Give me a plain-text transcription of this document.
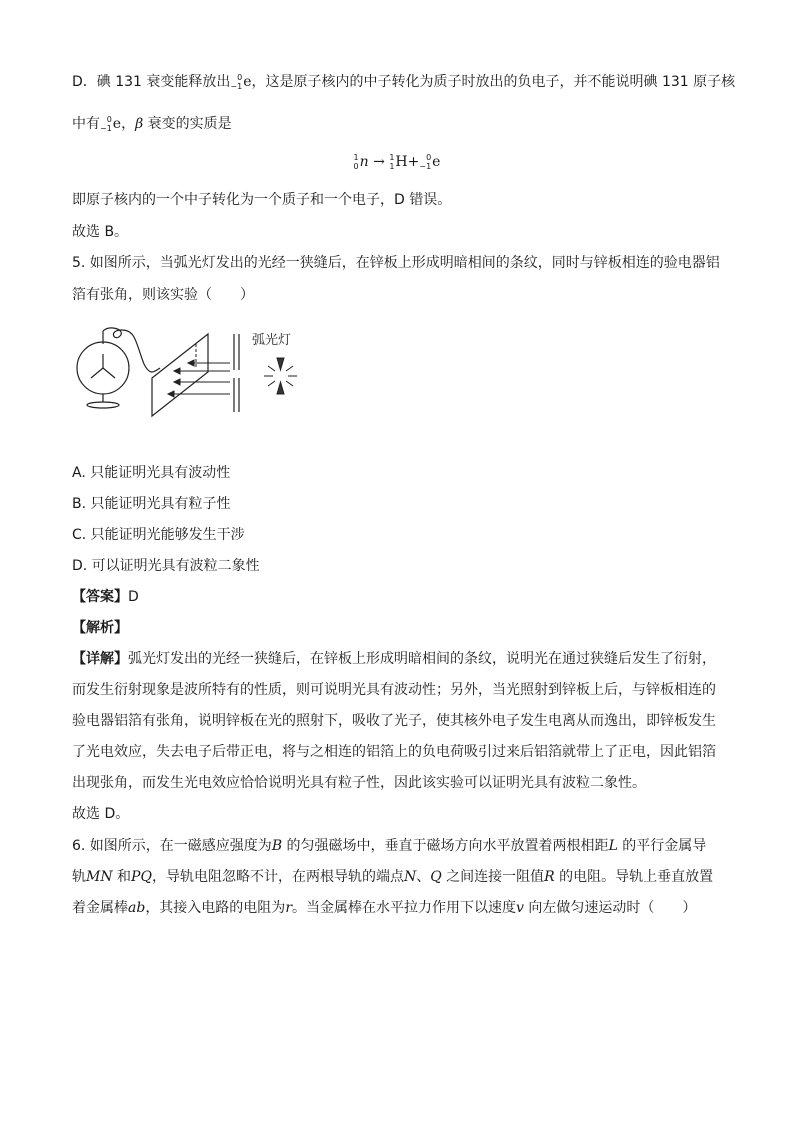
D．碘 131 衰变能释放出 0
−1 e，这是原子核内的中子转化为质子时放出的负电子，并不能说明碘 131 原子核
中有 0
−1 e，β 衰变的实质是
1
0 n → 1
1 H+ 0
−1 e
即原子核内的一个中子转化为一个质子和一个电子，D 错误。
故选 B。
5. 如图所示，当弧光灯发出的光经一狭缝后，在锌板上形成明暗相间的条纹，同时与锌板相连的验电器铝
箔有张角，则该实验（　　）
弧光灯
A. 只能证明光具有波动性
B. 只能证明光具有粒子性
C. 只能证明光能够发生干涉
D. 可以证明光具有波粒二象性
【答案】D
【解析】
【详解】弧光灯发出的光经一狭缝后，在锌板上形成明暗相间的条纹，说明光在通过狭缝后发生了衍射，
而发生衍射现象是波所特有的性质，则可说明光具有波动性；另外，当光照射到锌板上后，与锌板相连的
验电器铝箔有张角，说明锌板在光的照射下，吸收了光子，使其核外电子发生电离从而逸出，即锌板发生
了光电效应，失去电子后带正电，将与之相连的铝箔上的负电荷吸引过来后铝箔就带上了正电，因此铝箔
出现张角，而发生光电效应恰恰说明光具有粒子性，因此该实验可以证明光具有波粒二象性。
故选 D。
6. 如图所示，在一磁感应强度为B 的匀强磁场中，垂直于磁场方向水平放置着两根相距L 的平行金属导
轨MN 和PQ，导轨电阻忽略不计，在两根导轨的端点N、Q 之间连接一阻值R 的电阻。导轨上垂直放置
着金属棒ab，其接入电路的电阻为r。当金属棒在水平拉力作用下以速度v 向左做匀速运动时（　　）
